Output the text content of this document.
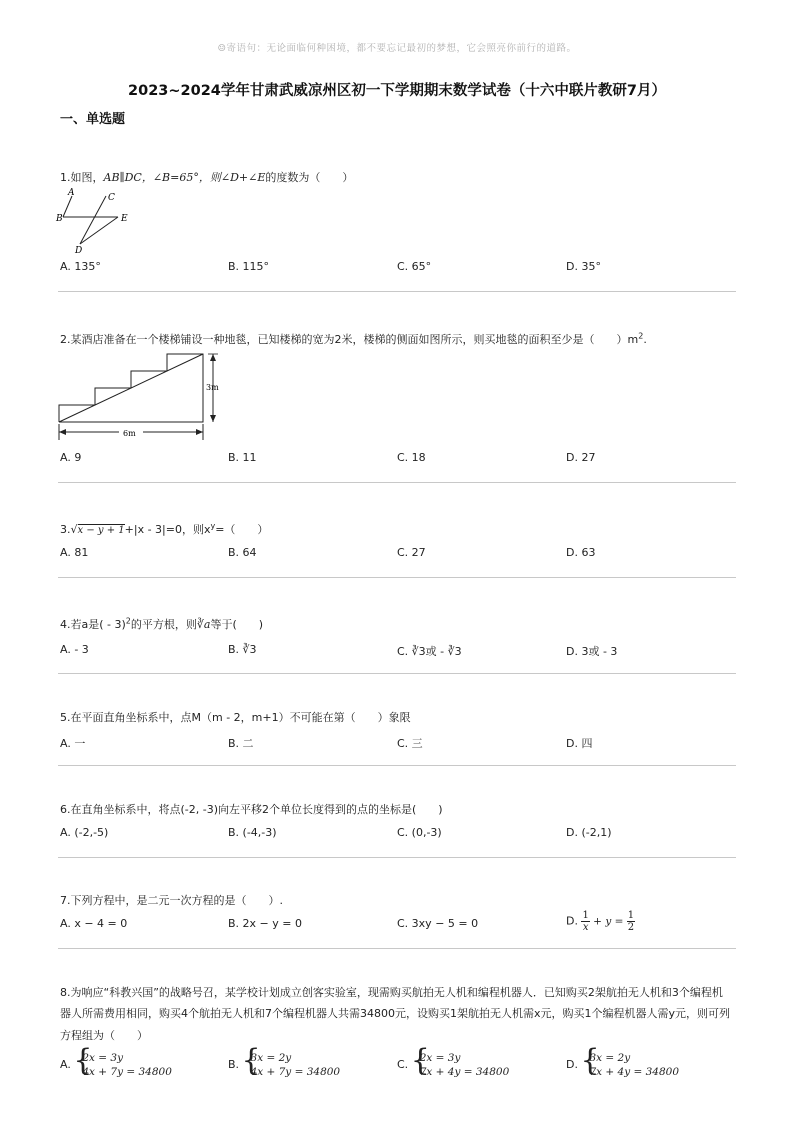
☺寄语句：无论面临何种困境，都不要忘记最初的梦想，它会照亮你前行的道路。
2023~2024学年甘肃武威凉州区初一下学期期末数学试卷（十六中联片教研7月）
一、单选题
1.如图，AB∥DC，∠B=65°，则∠D+∠E的度数为（　　）
A	C
B	E
D
A. 135°	B. 115°	C. 65°	D. 35°
2.某酒店准备在一个楼梯铺设一种地毯，已知楼梯的宽为2米，楼梯的侧面如图所示，则买地毯的面积至少是（　　）$m^2$.
3m
6m
A. 9	B. 11	C. 18	D. 27
3.√x − y + 1+|x - 3|=0，则$x^y=$（　　）
A. 81	B. 64	C. 27	D. 63
4.若a是( - 3)$^2$的平方根，则∛a等于(　　)
A. - 3	B. ∛3	C. ∛3或 - ∛3	D. 3或 - 3
5.在平面直角坐标系中，点M（m - 2，m+1）不可能在第（　　）象限
A. 一	B. 二	C. 三	D. 四
6.在直角坐标系中，将点(-2, -3)向左平移2个单位长度得到的点的坐标是(　　)
A. (-2,-5)	B. (-4,-3)	C. (0,-3)	D. (-2,1)
7.下列方程中，是二元一次方程的是（　　）.
A. x − 4 = 0	B. 2x − y = 0	C. 3xy − 5 = 0	D. $\frac{1}{x} + y = \frac{1}{2}$
8.为响应“科教兴国”的战略号召，某学校计划成立创客实验室，现需购买航拍无人机和编程机器人．已知购买2架航拍无人机和3个编程机
器人所需费用相同，购买4个航拍无人机和7个编程机器人共需34800元，设购买1架航拍无人机需x元，购买1个编程机器人需y元，则可列
方程组为（　　）
A. { 2x = 3y
4x + 7y = 34800
B. { 3x = 2y
4x + 7y = 34800
C. { 2x = 3y
7x + 4y = 34800
D. { 3x = 2y
7x + 4y = 34800
